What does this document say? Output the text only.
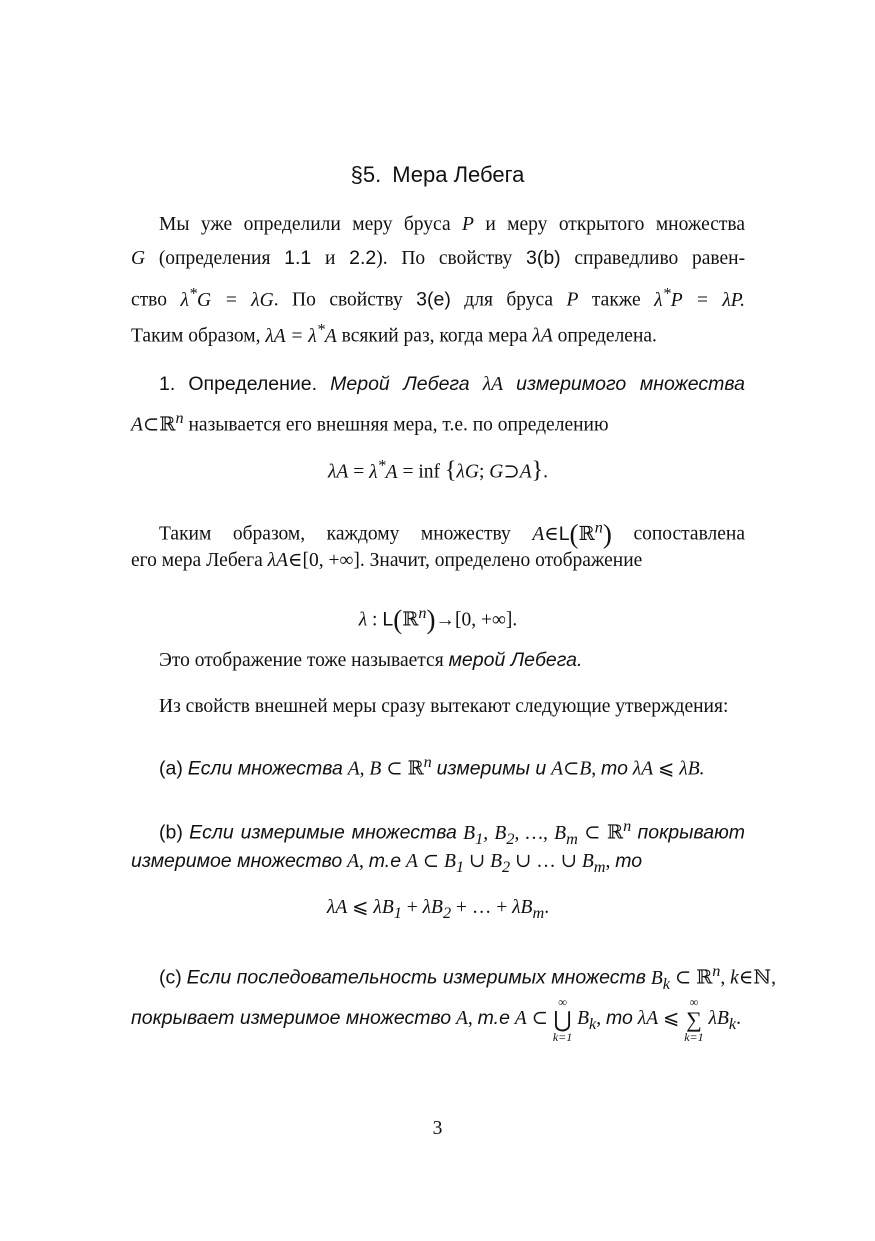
§5. Мера Лебега
Мы уже определили меру бруса P и меру открытого множества
G (определения 1.1 и 2.2). По свойству 3(b) справедливо равен-
ство λ*G = λG. По свойству 3(e) для бруса P также λ*P = λP.
Таким образом, λA = λ*A всякий раз, когда мера λA определена.
1. Определение. Мерой Лебега λA измеримого множества
A⊂ℝ$^n$ называется его внешняя мера, т.е. по определению
λA = λ*A = inf {λG; G⊃A}.
Таким образом, каждому множеству A∈L(ℝ$^n$) сопоставлена
его мера Лебега λA∈[0, +∞]. Значит, определено отображение
λ : L(ℝ$^n$)→[0, +∞].
Это отображение тоже называется мерой Лебега.
Из свойств внешней меры сразу вытекают следующие утверждения:
(a) Если множества A, B ⊂ ℝ$^n$ измеримы и A⊂B, то λA ⩽ λB.
(b) Если измеримые множества $B_1$, $B_2$, …, $B_m$ ⊂ ℝ$^n$ покрывают
измеримое множество A, т.е A ⊂ $B_1$ ∪ $B_2$ ∪ … ∪ $B_m$, то
λA ⩽ $\lambda B_1 + \lambda B_2$ + … + $\lambda B_m$.
(c) Если последовательность измеримых множеств $B_k$ ⊂ ℝ$^n$, k∈ℕ,
покрывает измеримое множество A, т.е A ⊂
∞
⋃
k=1
$B_k$, то λA ⩽
∞
∑
k=1
$\lambda B_k$.
3
